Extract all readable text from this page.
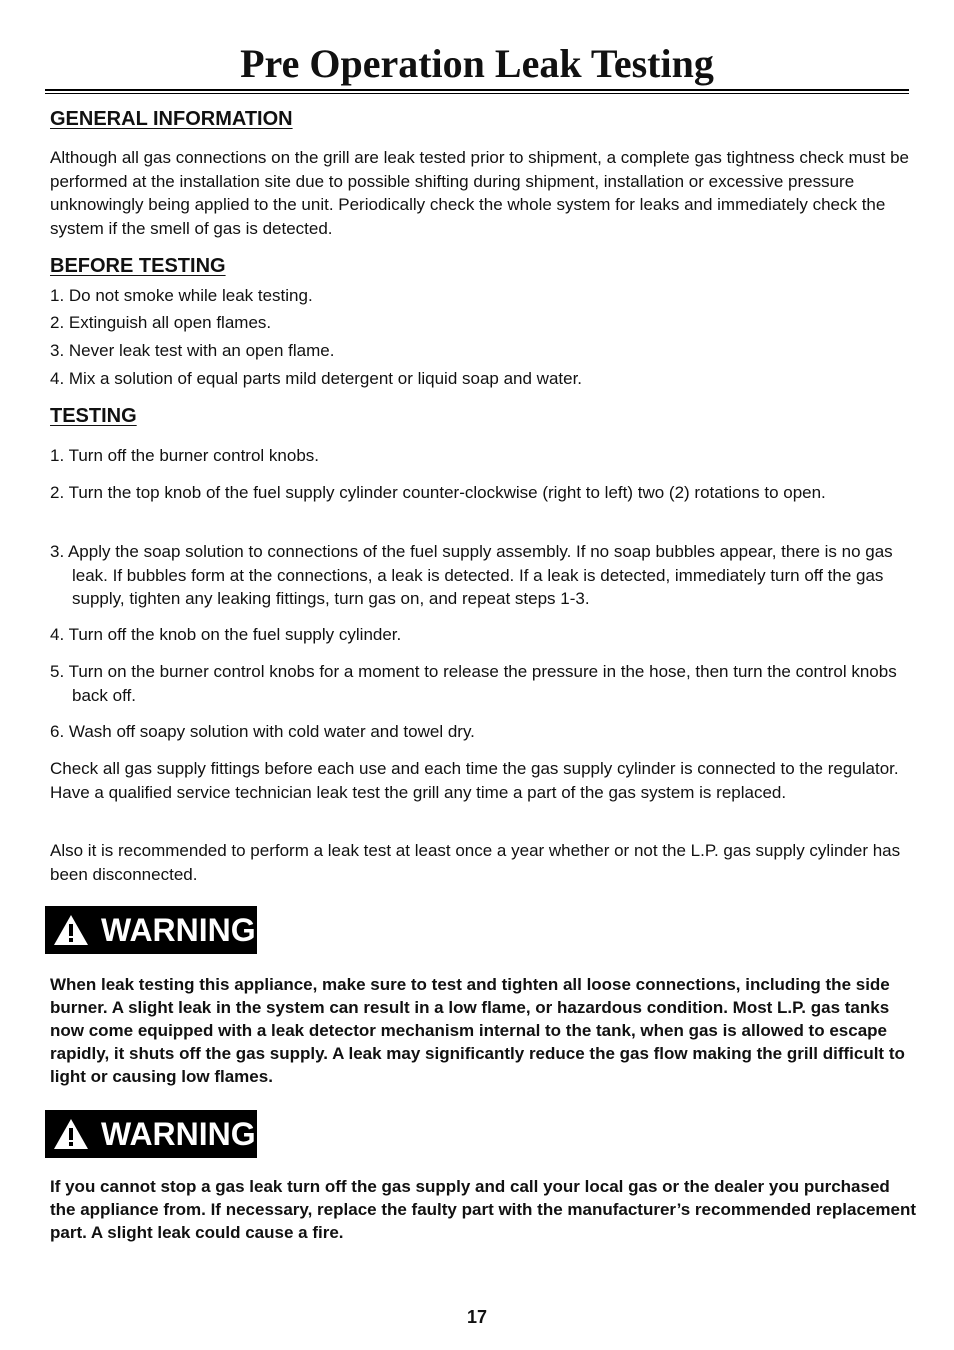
Pre Operation Leak Testing
GENERAL INFORMATION

Although all gas connections on the grill are leak tested prior to shipment, a complete gas tightness check must be performed at the installation site due to possible shifting during shipment, installation or excessive pressure unknowingly being applied to the unit. Periodically check the whole system for leaks and immediately check the system if the smell of gas is detected.

BEFORE TESTING

1. Do not smoke while leak testing.

2. Extinguish all open flames.

3. Never leak test with an open flame.

4. Mix a solution of equal parts mild detergent or liquid soap and water.

TESTING

1. Turn off the burner control knobs.

2. Turn the top knob of the fuel supply cylinder counter-clockwise (right to left) two (2) rotations to open.

3. Apply the soap solution to connections of the fuel supply assembly. If no soap bubbles appear, there is no gas leak. If bubbles form at the connections, a leak is detected. If a leak is detected, immediately turn off the gas supply, tighten any leaking fittings, turn gas on, and repeat steps 1-3.

4. Turn off the knob on the fuel supply cylinder.

5. Turn on the burner control knobs for a moment to release the pressure in the hose, then turn the control knobs back off.

6. Wash off soapy solution with cold water and towel dry.

Check all gas supply fittings before each use and each time the gas supply cylinder is connected to the regulator. Have a qualified service technician leak test the grill any time a part of the gas system is replaced.

Also it is recommended to perform a leak test at least once a year whether or not the L.P. gas supply cylinder has been disconnected.

WARNING

When leak testing this appliance, make sure to test and tighten all loose connections, including the side burner. A slight leak in the system can result in a low flame, or hazardous condition. Most L.P. gas tanks now come equipped with a leak detector mechanism internal to the tank, when gas is allowed to escape rapidly, it shuts off the gas supply. A leak may significantly reduce the gas flow making the grill difficult to light or causing low flames.

WARNING

If you cannot stop a gas leak turn off the gas supply and call your local gas or the dealer you purchased the appliance from. If necessary, replace the faulty part with the manufacturer’s recommended replacement part. A slight leak could cause a fire.

17
